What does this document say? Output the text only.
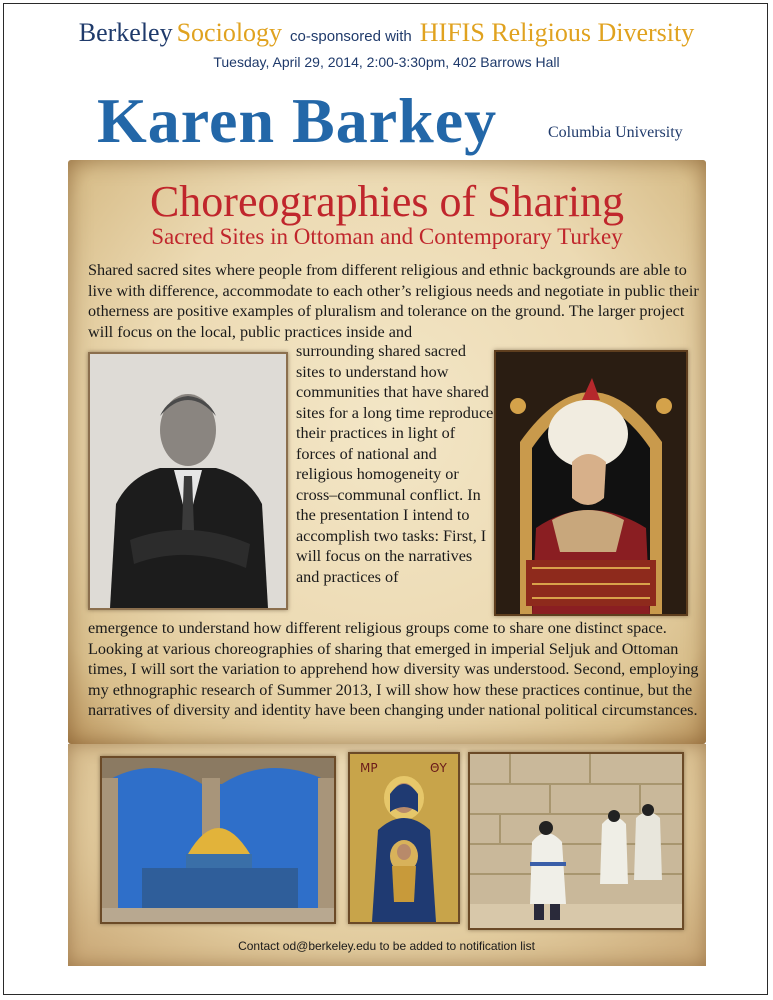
Berkeley Sociology co-sponsored with HIFIS Religious Diversity
Tuesday, April 29, 2014, 2:00-3:30pm, 402 Barrows Hall
Karen Barkey	Columbia University
Choreographies of Sharing
Sacred Sites in Ottoman and Contemporary Turkey
Shared sacred sites where people from different religious and ethnic backgrounds are able to live with difference, accommodate to each other’s religious needs and negotiate in public their otherness are positive examples of pluralism and tolerance on the ground. The larger project will focus on the local, public practices inside and
surrounding shared sacred sites to understand how communities that have shared sites for a long time reproduce their practices in light of forces of national and religious homogeneity or cross–communal conflict. In the presentation I intend to accomplish two tasks: First, I will focus on the narratives and practices of
emergence to understand how different religious groups come to share one distinct space. Looking at various choreographies of sharing that emerged in imperial Seljuk and Ottoman times, I will sort the variation to apprehend how diversity was understood. Second, employing my ethnographic research of Summer 2013, I will show how these practices continue, but the narratives of diversity and identity have been changing under national political circumstances.
ΜΡ	ΘΥ
Contact od@berkeley.edu to be added to notification list
